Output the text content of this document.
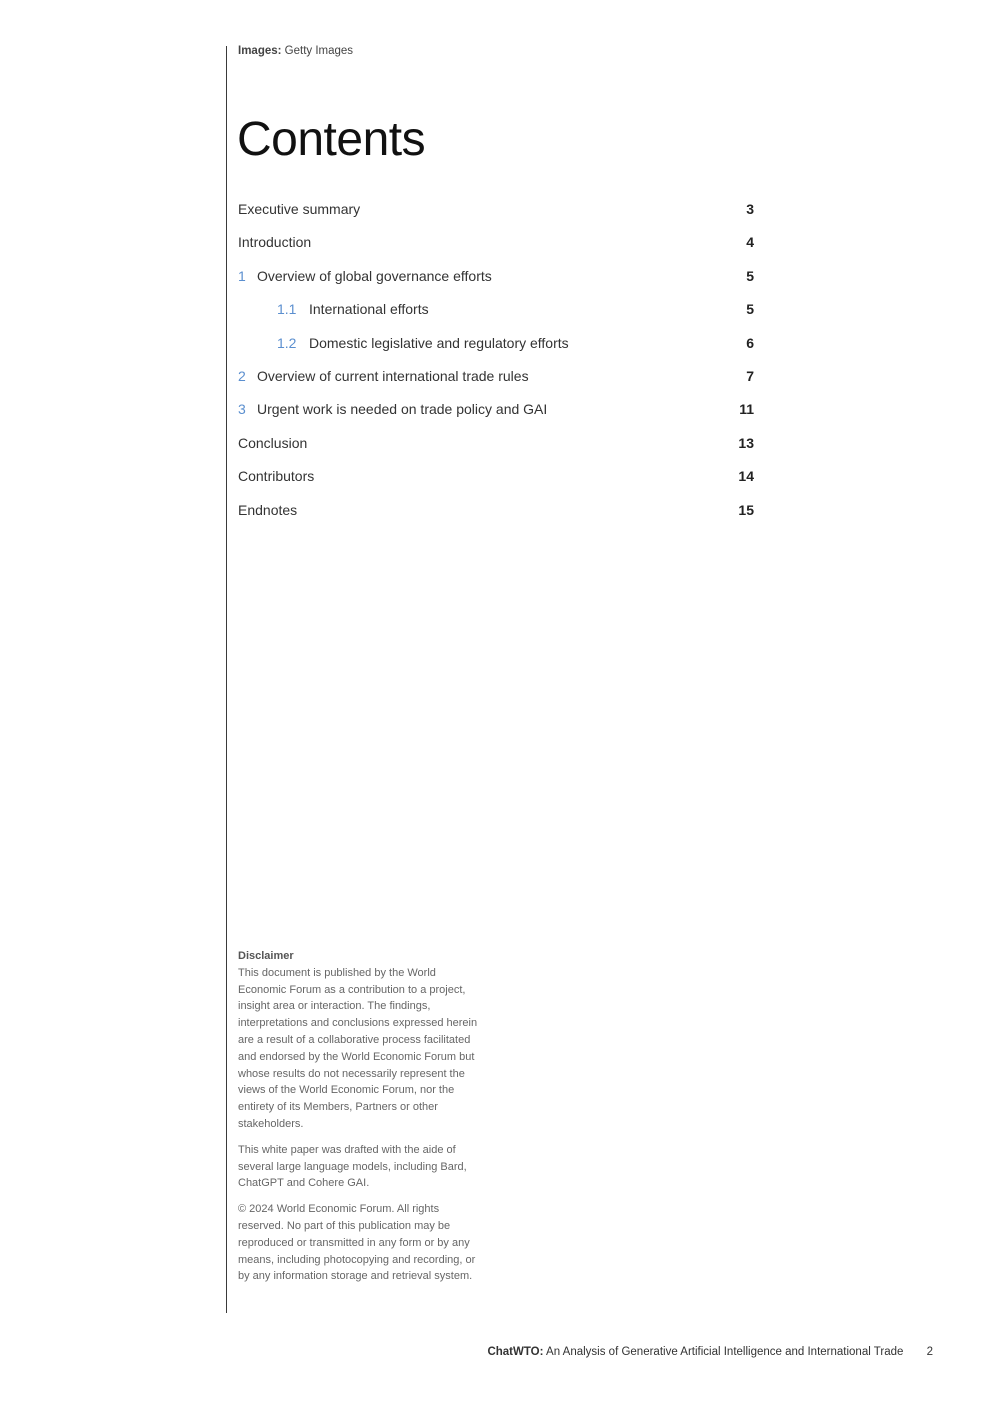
Images: Getty Images
Contents
Executive summary	3
Introduction	4
1 Overview of global governance efforts	5
1.1 International efforts	5
1.2 Domestic legislative and regulatory efforts	6
2 Overview of current international trade rules	7
3 Urgent work is needed on trade policy and GAI	11
Conclusion	13
Contributors	14
Endnotes	15

Disclaimer

This document is published by the World Economic Forum as a contribution to a project, insight area or interaction. The findings, interpretations and conclusions expressed herein are a result of a collaborative process facilitated and endorsed by the World Economic Forum but whose results do not necessarily represent the views of the World Economic Forum, nor the entirety of its Members, Partners or other stakeholders.

This white paper was drafted with the aide of several large language models, including Bard, ChatGPT and Cohere GAI.

© 2024 World Economic Forum. All rights reserved. No part of this publication may be reproduced or transmitted in any form or by any means, including photocopying and recording, or by any information storage and retrieval system.

ChatWTO: An Analysis of Generative Artificial Intelligence and International Trade 2
